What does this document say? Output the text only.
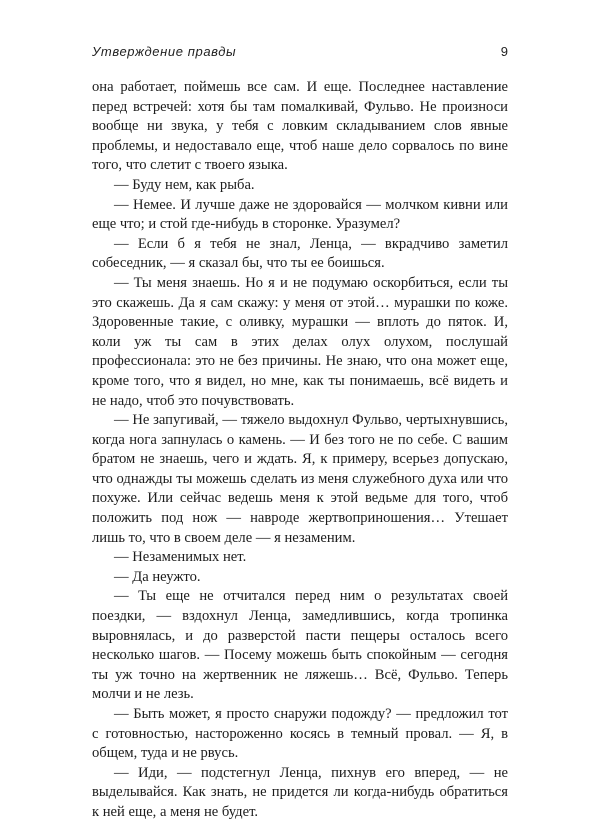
Утверждение правды	9

она работает, поймешь все сам. И еще. Последнее наставление перед встречей: хотя бы там помалкивай, Фульво. Не произноси вообще ни звука, у тебя с ловким складыванием слов явные проблемы, и недоставало еще, чтоб наше дело сорвалось по вине того, что слетит с твоего языка.

— Буду нем, как рыба.

— Немее. И лучше даже не здоровайся — молчком кивни или еще что; и стой где-нибудь в сторонке. Уразумел?

— Если б я тебя не знал, Ленца, — вкрадчиво заметил собеседник, — я сказал бы, что ты ее боишься.

— Ты меня знаешь. Но я и не подумаю оскорбиться, если ты это скажешь. Да я сам скажу: у меня от этой… мурашки по коже. Здоровенные такие, с оливку, мурашки — вплоть до пяток. И, коли уж ты сам в этих делах олух олухом, послушай профессионала: это не без причины. Не знаю, что она может еще, кроме того, что я видел, но мне, как ты понимаешь, всё видеть и не надо, чтоб это почувствовать.

— Не запугивай, — тяжело выдохнул Фульво, чертыхнувшись, когда нога запнулась о камень. — И без того не по себе. С вашим братом не знаешь, чего и ждать. Я, к примеру, всерьез допускаю, что однажды ты можешь сделать из меня служебного духа или что похуже. Или сейчас ведешь меня к этой ведьме для того, чтоб положить под нож — навроде жертвоприношения… Утешает лишь то, что в своем деле — я незаменим.

— Незаменимых нет.

— Да неужто.

— Ты еще не отчитался перед ним о результатах своей поездки, — вздохнул Ленца, замедлившись, когда тропинка выровнялась, и до разверстой пасти пещеры осталось всего несколько шагов. — Посему можешь быть спокойным — сегодня ты уж точно на жертвенник не ляжешь… Всё, Фульво. Теперь молчи и не лезь.

— Быть может, я просто снаружи подожду? — предложил тот с готовностью, настороженно косясь в темный провал. — Я, в общем, туда и не рвусь.

— Иди, — подстегнул Ленца, пихнув его вперед, — не выделывайся. Как знать, не придется ли когда-нибудь обратиться к ней еще, а меня не будет.
